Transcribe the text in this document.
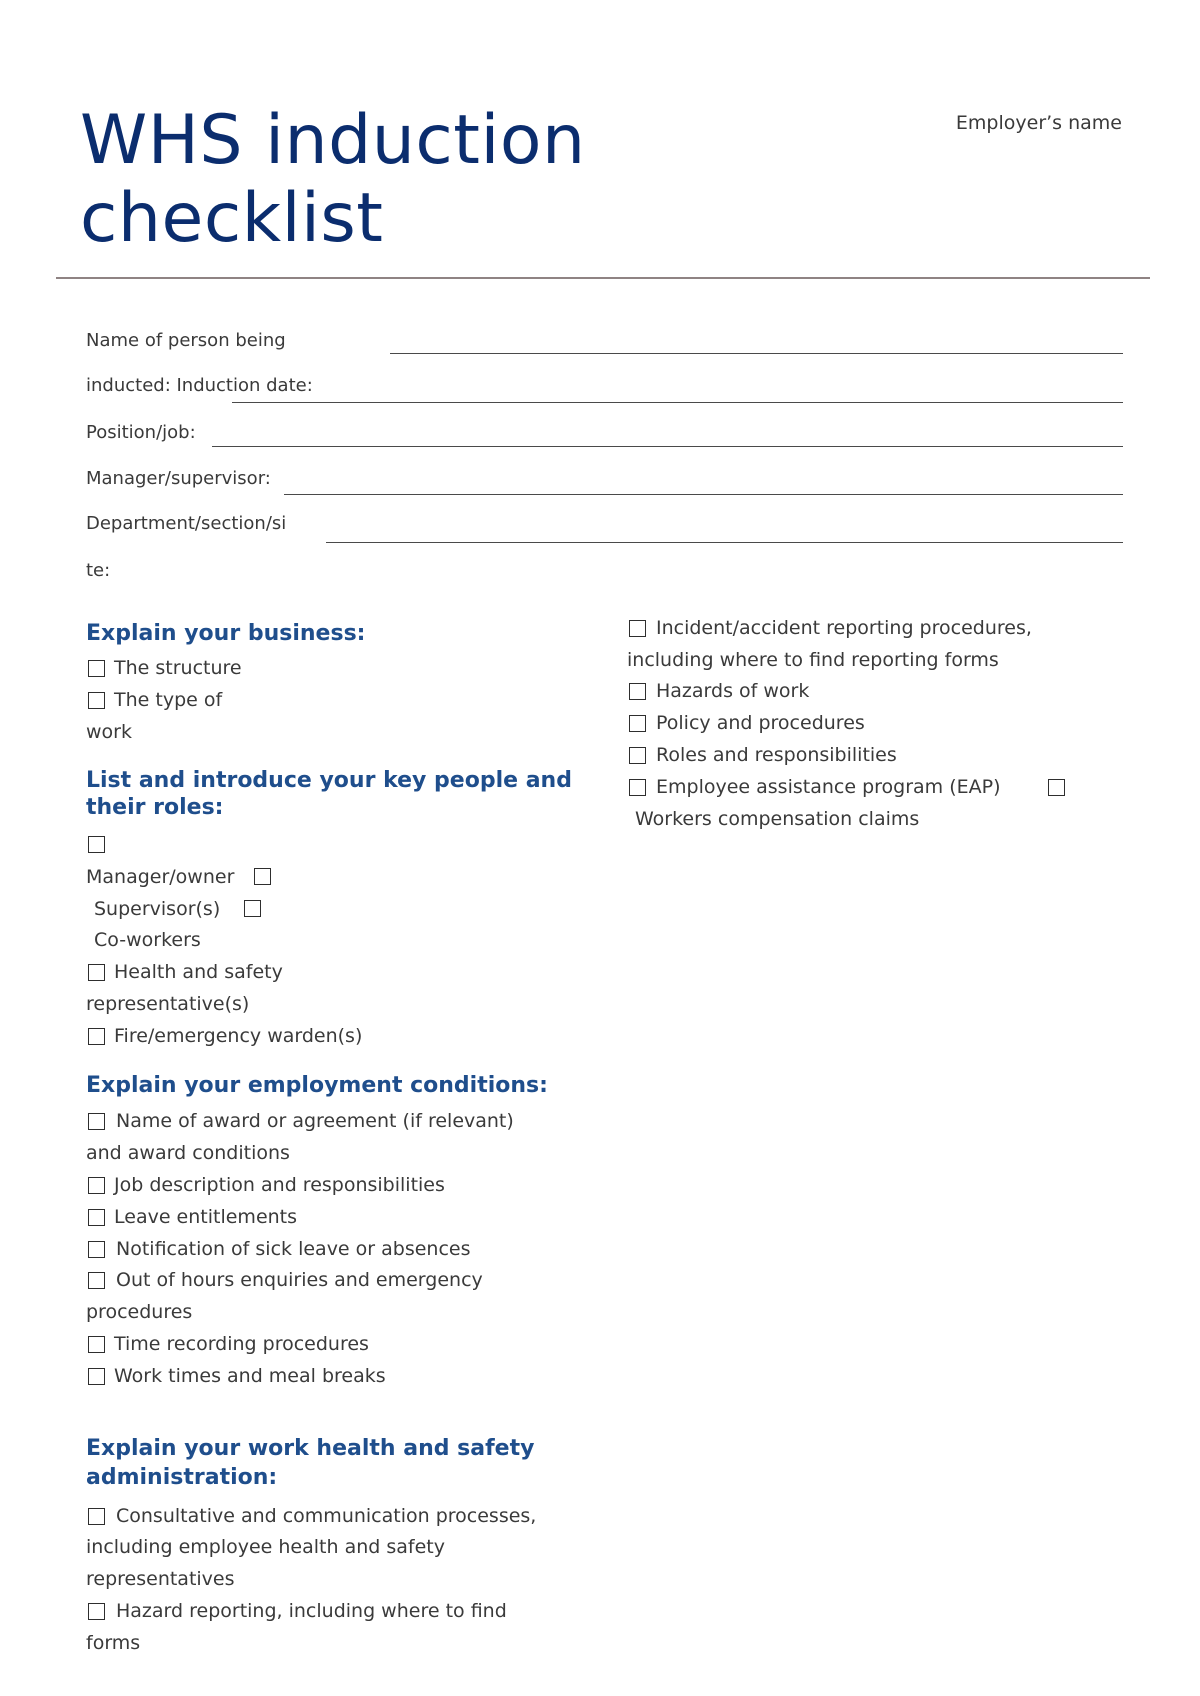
WHS induction
checklist
Employer’s name
Name of person being
inducted: Induction date:
Position/job:
Manager/supervisor:
Department/section/si
te:
Explain your business:
The structure
The type of
work
List and introduce your key people and
their roles:
Manager/owner
Supervisor(s)
Co-workers
Health and safety
representative(s)
Fire/emergency warden(s)
Explain your employment conditions:
Name of award or agreement (if relevant)
and award conditions
Job description and responsibilities
Leave entitlements
Notification of sick leave or absences
Out of hours enquiries and emergency
procedures
Time recording procedures
Work times and meal breaks
Explain your work health and safety
administration:
Consultative and communication processes,
including employee health and safety
representatives
Hazard reporting, including where to find
forms
Incident/accident reporting procedures,
including where to find reporting forms
Hazards of work
Policy and procedures
Roles and responsibilities
Employee assistance program (EAP)
Workers compensation claims
